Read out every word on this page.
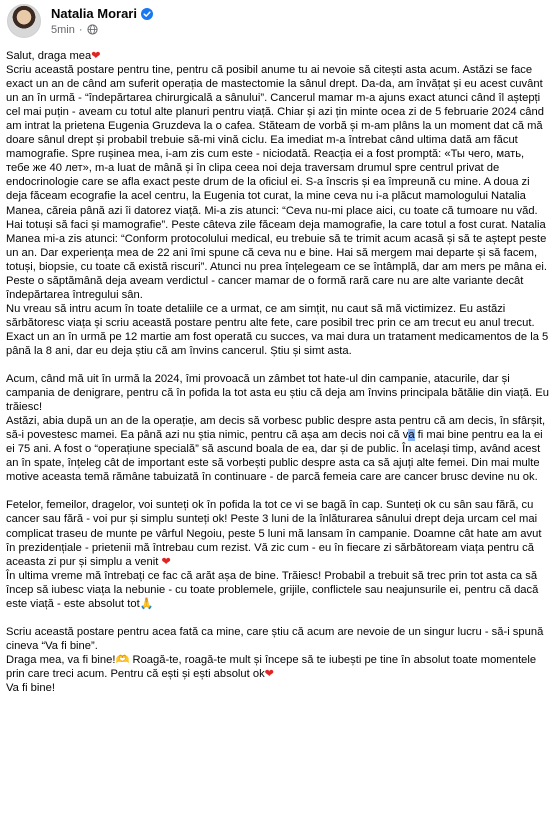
Natalia Morari
5min ·

Salut, draga mea❤
Scriu această postare pentru tine, pentru că posibil anume tu ai nevoie să citești asta acum. Astăzi se face exact un an de când am suferit operația de mastectomie la sânul drept. Da-da, am învățat și eu acest cuvânt un an în urmă - “îndepărtarea chirurgicală a sânului”. Cancerul mamar m-a ajuns exact atunci când îl aștepți cel mai puțin - aveam cu totul alte planuri pentru viață. Chiar și azi țin minte ocea zi de 5 februarie 2024 când am intrat la prietena Eugenia Gruzdeva la o cafea. Stăteam de vorbă și m-am plâns la un moment dat că mă doare sânul drept și probabil trebuie să-mi vină ciclu. Ea imediat m-a întrebat când ultima dată am făcut mamografie. Spre rușinea mea, i-am zis cum este - niciodată. Reacția ei a fost promptă: «Ты чего, мать, тебе же 40 лет», m-a luat de mână și în clipa ceea noi deja traversam drumul spre centrul privat de endocrinologie care se afla exact peste drum de la oficiul ei. S-a înscris și ea împreună cu mine. A doua zi deja făceam ecografie la acel centru, la Eugenia tot curat, la mine ceva nu i-a plăcut mamologului Natalia Manea, căreia până azi îi datorez viață. Mi-a zis atunci: “Ceva nu-mi place aici, cu toate că tumoare nu văd. Hai totuși să faci și mamografie”. Peste câteva zile făceam deja mamografie, la care totul a fost curat. Natalia Manea mi-a zis atunci: “Conform protocolului medical, eu trebuie să te trimit acum acasă și să te aștept peste un an. Dar experiența mea de 22 ani îmi spune că ceva nu e bine. Hai să mergem mai departe și să facem, totuși, biopsie, cu toate că există riscuri”. Atunci nu prea înțelegeam ce se întâmplă, dar am mers pe mâna ei. Peste o săptămână deja aveam verdictul - cancer mamar de o formă rară care nu are alte variante decât îndepărtarea întregului sân.
Nu vreau să intru acum în toate detaliile ce a urmat, ce am simțit, nu caut să mă victimizez. Eu astăzi sărbătoresc viața și scriu această postare pentru alte fete, care posibil trec prin ce am trecut eu anul trecut. Exact un an în urmă pe 12 martie am fost operată cu succes, va mai dura un tratament medicamentos de la 5 până la 8 ani, dar eu deja știu că am învins cancerul. Știu și simt asta.

Acum, când mă uit în urmă la 2024, îmi provoacă un zâmbet tot hate-ul din campanie, atacurile, dar și campania de denigrare, pentru că în pofida la tot asta eu știu că deja am învins principala bătălie din viață. Eu trăiesc!
Astăzi, abia după un an de la operație, am decis să vorbesc public despre asta pentru că am decis, în sfârșit, să-i povestesc mamei. Ea până azi nu știa nimic, pentru că așa am decis noi că va fi mai bine pentru ea la ei ei 75 ani. A fost o “operațiune specială” să ascund boala de ea, dar și de public. În același timp, având acest an în spate, înțeleg cât de important este să vorbești public despre asta ca să ajuți alte femei. Din mai multe motive aceasta temă rămâne tabuizată în continuare - de parcă femeia care are cancer brusc devine nu ok.

Fetelor, femeilor, dragelor, voi sunteți ok în pofida la tot ce vi se bagă în cap. Sunteți ok cu sân sau fără, cu cancer sau fără - voi pur și simplu sunteți ok! Peste 3 luni de la înlăturarea sânului drept deja urcam cel mai complicat traseu de munte pe vârful Negoiu, peste 5 luni mă lansam în campanie. Doamne cât hate am avut în prezidențiale - prietenii mă întrebau cum rezist. Vă zic cum - eu în fiecare zi sărbătoream viața pentru că aceasta zi pur și simplu a venit ❤
În ultima vreme mă întrebați ce fac că arăt așa de bine. Trăiesc! Probabil a trebuit să trec prin tot asta ca să încep să iubesc viața la nebunie - cu toate problemele, grijile, conflictele sau neajunsurile ei, pentru că dacă este viață - este absolut tot🙏

Scriu această postare pentru acea fată ca mine, care știu că acum are nevoie de un singur lucru - să-i spună cineva “Va fi bine”.
Draga mea, va fi bine!🫶 Roagă-te, roagă-te mult și începe să te iubești pe tine în absolut toate momentele prin care treci acum. Pentru că ești și ești absolut ok❤
Va fi bine!
